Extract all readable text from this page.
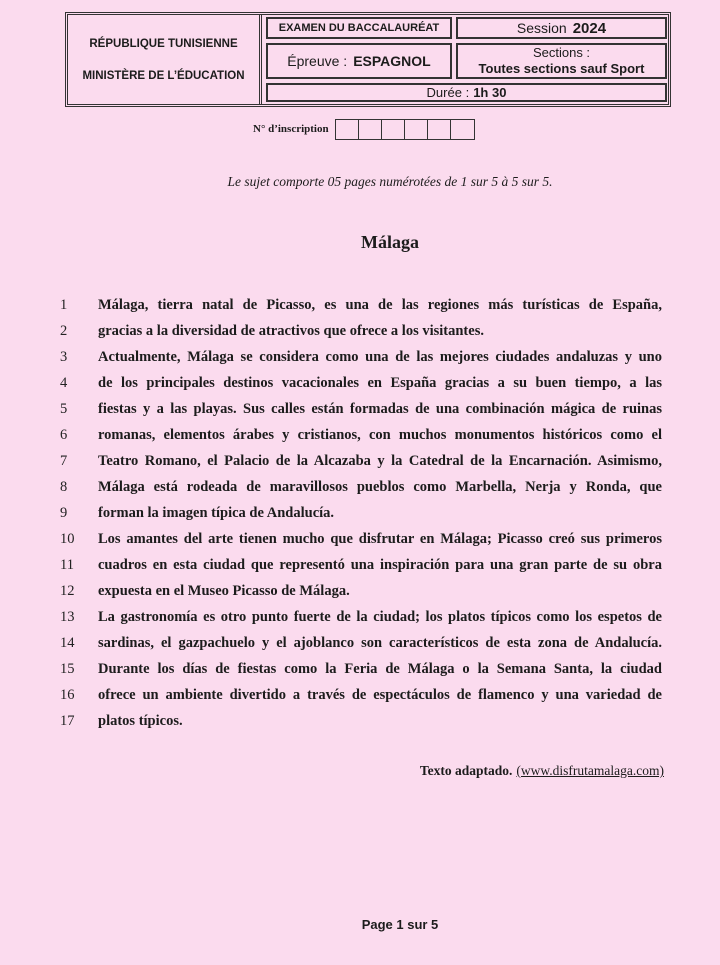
RÉPUBLIQUE TUNISIENNE
MINISTÈRE DE L’ÉDUCATION
EXAMEN DU BACCALAURÉAT	Session 2024
Épreuve : ESPAGNOL
Sections :
Toutes sections sauf Sport
Durée : 1h 30
N° d’inscription
Le sujet comporte 05 pages numérotées de 1 sur 5 à 5 sur 5.
Málaga
1	Málaga, tierra natal de Picasso, es una de las regiones más turísticas de España,
2	gracias a la diversidad de atractivos que ofrece a los visitantes.
3	Actualmente, Málaga se considera como una de las mejores ciudades andaluzas y uno
4	de los principales destinos vacacionales en España gracias a su buen tiempo, a las
5	fiestas y a las playas. Sus calles están formadas de una combinación mágica de ruinas
6	romanas, elementos árabes y cristianos, con muchos monumentos históricos como el
7	Teatro Romano, el Palacio de la Alcazaba y la Catedral de la Encarnación. Asimismo,
8	Málaga está rodeada de maravillosos pueblos como Marbella, Nerja y Ronda, que
9	forman la imagen típica de Andalucía.
10	Los amantes del arte tienen mucho que disfrutar en Málaga; Picasso creó sus primeros
11	cuadros en esta ciudad que representó una inspiración para una gran parte de su obra
12	expuesta en el Museo Picasso de Málaga.
13	La gastronomía es otro punto fuerte de la ciudad; los platos típicos como los espetos de
14	sardinas, el gazpachuelo y el ajoblanco son característicos de esta zona de Andalucía.
15	Durante los días de fiestas como la Feria de Málaga o la Semana Santa, la ciudad
16	ofrece un ambiente divertido a través de espectáculos de flamenco y una variedad de
17	platos típicos.
Texto adaptado. (www.disfrutamalaga.com)
Page 1 sur 5
